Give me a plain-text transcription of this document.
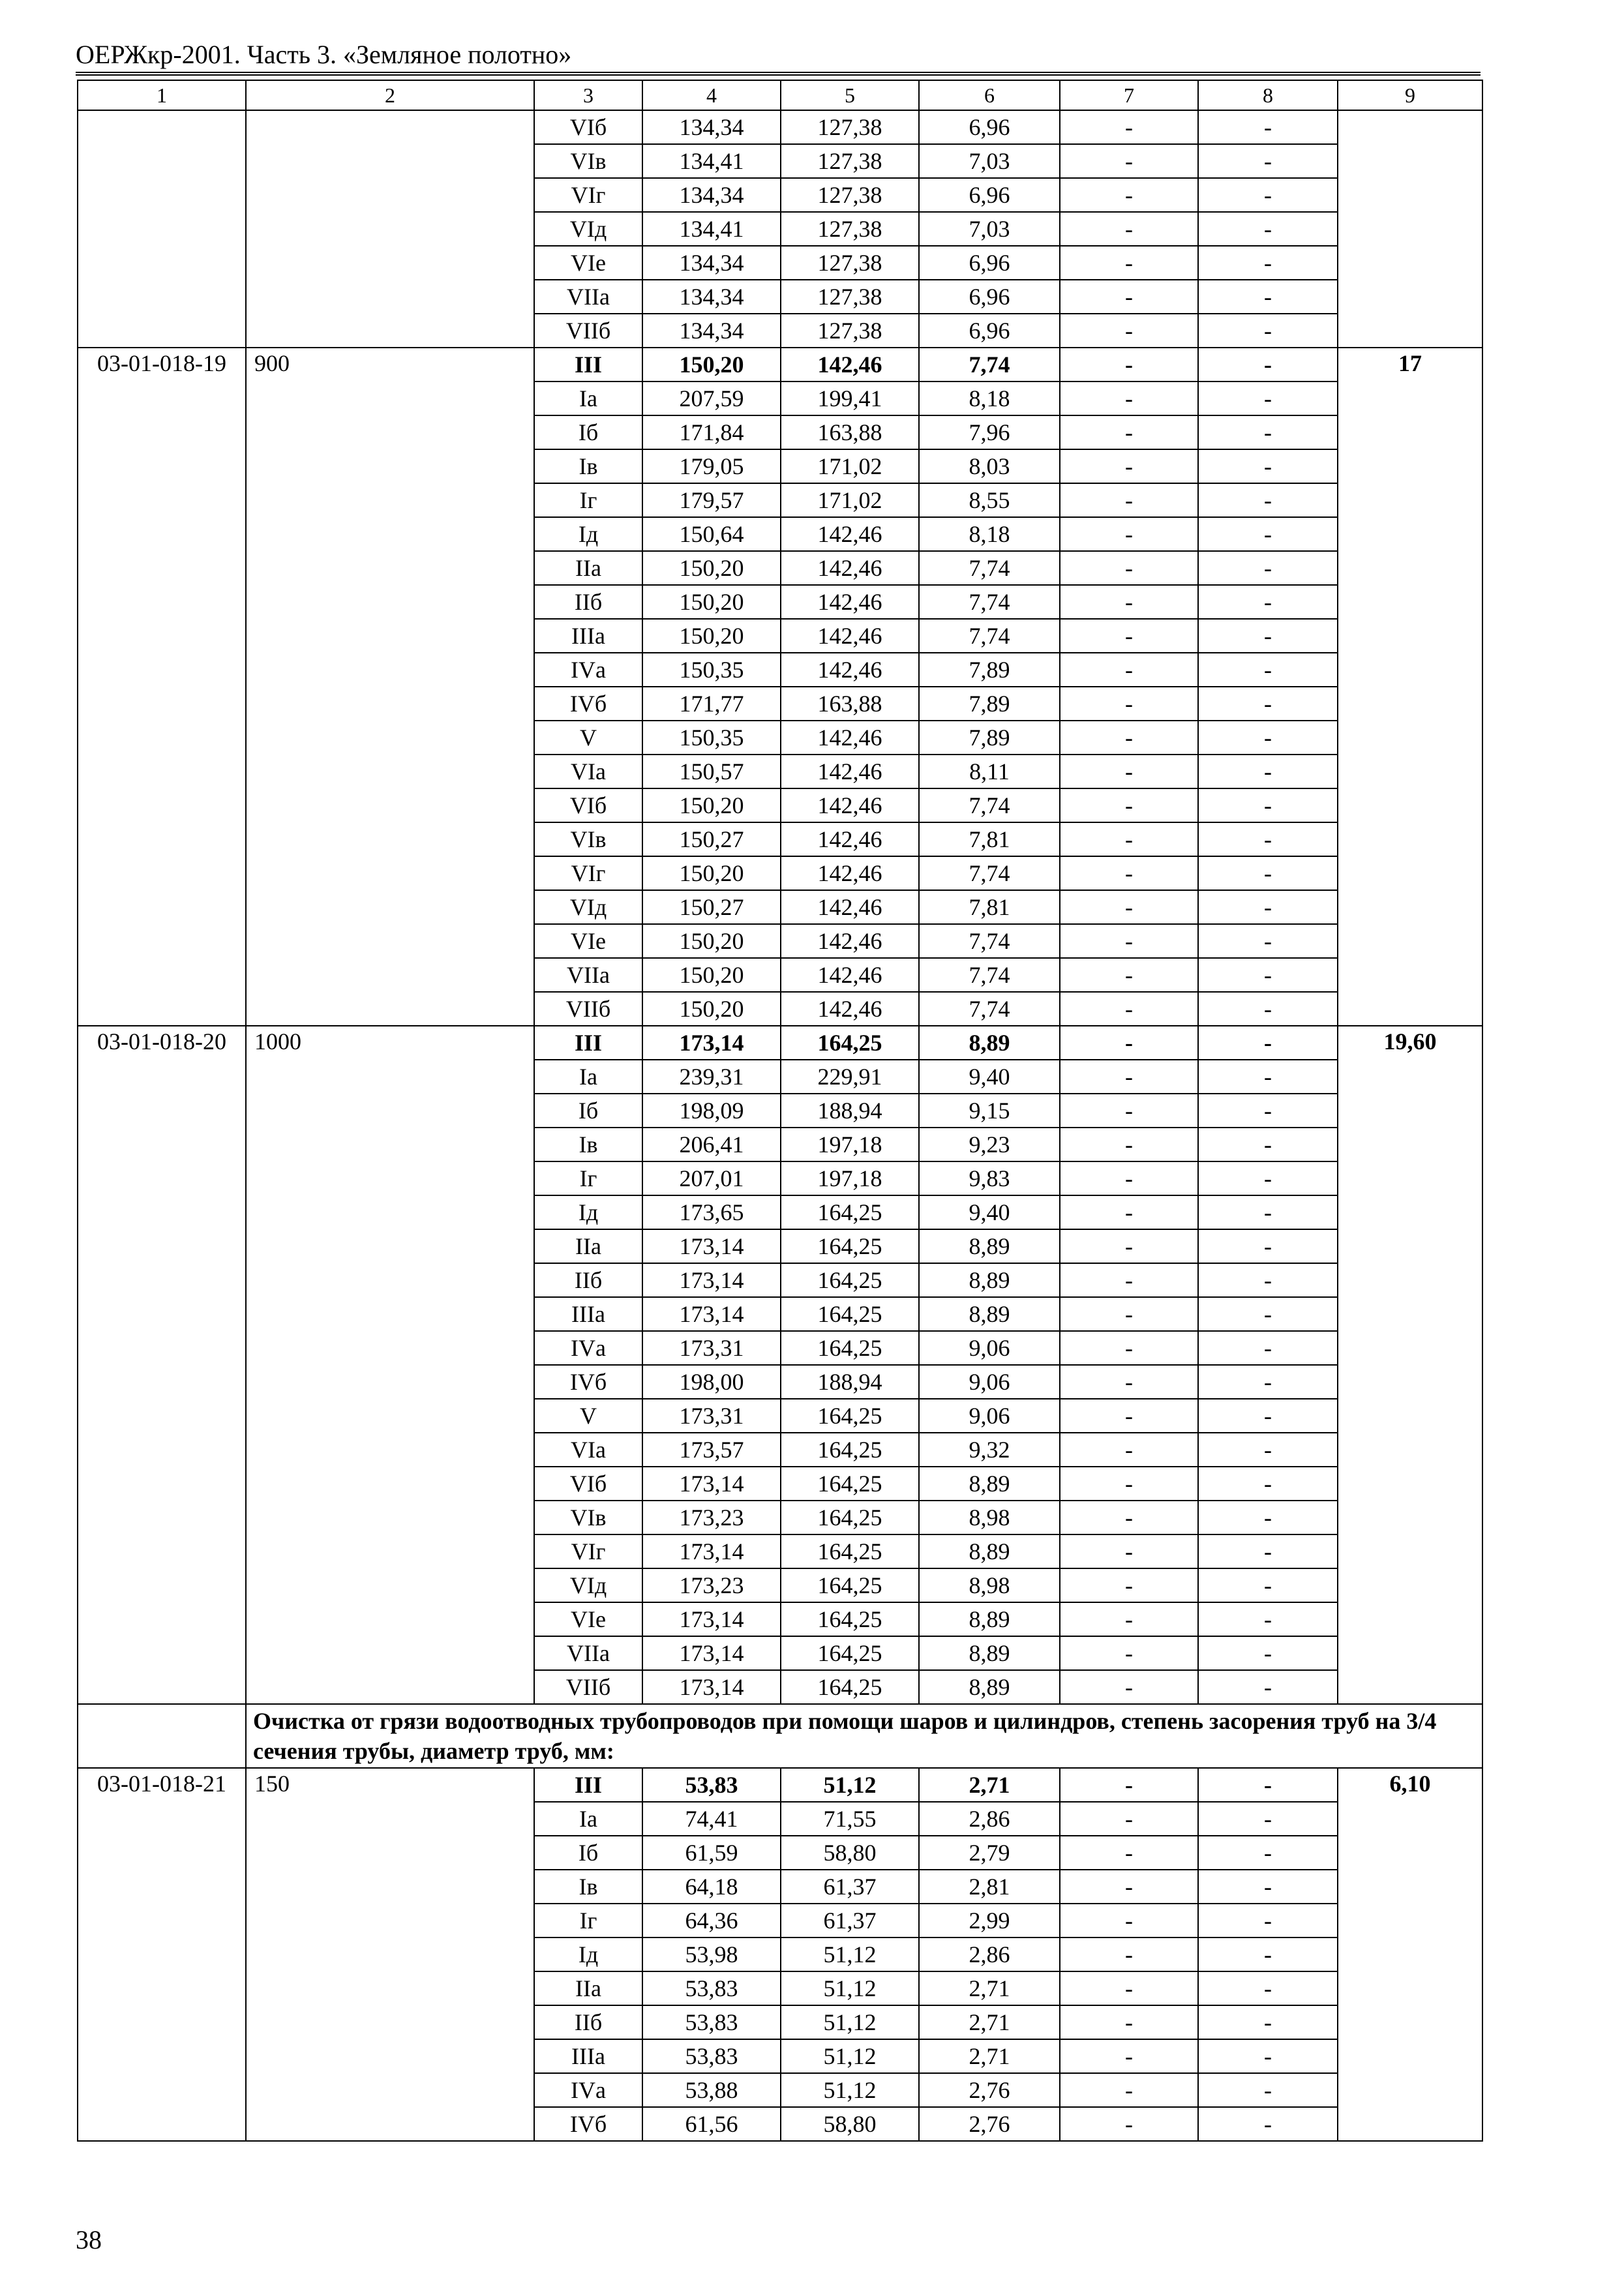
ОЕРЖкр-2001. Часть 3. «Земляное полотно»
1	2	3	4	5	6	7	8	9
		VIб	134,34	127,38	6,96	-	-	
		VIв	134,41	127,38	7,03	-	-	
		VIг	134,34	127,38	6,96	-	-	
		VIд	134,41	127,38	7,03	-	-	
		VIе	134,34	127,38	6,96	-	-	
		VIIа	134,34	127,38	6,96	-	-	
		VIIб	134,34	127,38	6,96	-	-	
03-01-018-19	900	III	150,20	142,46	7,74	-	-	17
		Iа	207,59	199,41	8,18	-	-	
		Iб	171,84	163,88	7,96	-	-	
		Iв	179,05	171,02	8,03	-	-	
		Iг	179,57	171,02	8,55	-	-	
		Iд	150,64	142,46	8,18	-	-	
		IIа	150,20	142,46	7,74	-	-	
		IIб	150,20	142,46	7,74	-	-	
		IIIа	150,20	142,46	7,74	-	-	
		IVа	150,35	142,46	7,89	-	-	
		IVб	171,77	163,88	7,89	-	-	
		V	150,35	142,46	7,89	-	-	
		VIа	150,57	142,46	8,11	-	-	
		VIб	150,20	142,46	7,74	-	-	
		VIв	150,27	142,46	7,81	-	-	
		VIг	150,20	142,46	7,74	-	-	
		VIд	150,27	142,46	7,81	-	-	
		VIе	150,20	142,46	7,74	-	-	
		VIIа	150,20	142,46	7,74	-	-	
		VIIб	150,20	142,46	7,74	-	-	
03-01-018-20	1000	III	173,14	164,25	8,89	-	-	19,60
		Iа	239,31	229,91	9,40	-	-	
		Iб	198,09	188,94	9,15	-	-	
		Iв	206,41	197,18	9,23	-	-	
		Iг	207,01	197,18	9,83	-	-	
		Iд	173,65	164,25	9,40	-	-	
		IIа	173,14	164,25	8,89	-	-	
		IIб	173,14	164,25	8,89	-	-	
		IIIа	173,14	164,25	8,89	-	-	
		IVа	173,31	164,25	9,06	-	-	
		IVб	198,00	188,94	9,06	-	-	
		V	173,31	164,25	9,06	-	-	
		VIа	173,57	164,25	9,32	-	-	
		VIб	173,14	164,25	8,89	-	-	
		VIв	173,23	164,25	8,98	-	-	
		VIг	173,14	164,25	8,89	-	-	
		VIд	173,23	164,25	8,98	-	-	
		VIе	173,14	164,25	8,89	-	-	
		VIIа	173,14	164,25	8,89	-	-	
		VIIб	173,14	164,25	8,89	-	-	
	Очистка от грязи водоотводных трубопроводов при помощи шаров и цилиндров, степень засорения труб на 3/4 сечения трубы, диаметр труб, мм:							
03-01-018-21	150	III	53,83	51,12	2,71	-	-	6,10
		Iа	74,41	71,55	2,86	-	-	
		Iб	61,59	58,80	2,79	-	-	
		Iв	64,18	61,37	2,81	-	-	
		Iг	64,36	61,37	2,99	-	-	
		Iд	53,98	51,12	2,86	-	-	
		IIа	53,83	51,12	2,71	-	-	
		IIб	53,83	51,12	2,71	-	-	
		IIIа	53,83	51,12	2,71	-	-	
		IVа	53,88	51,12	2,76	-	-	
		IVб	61,56	58,80	2,76	-	-	
38
